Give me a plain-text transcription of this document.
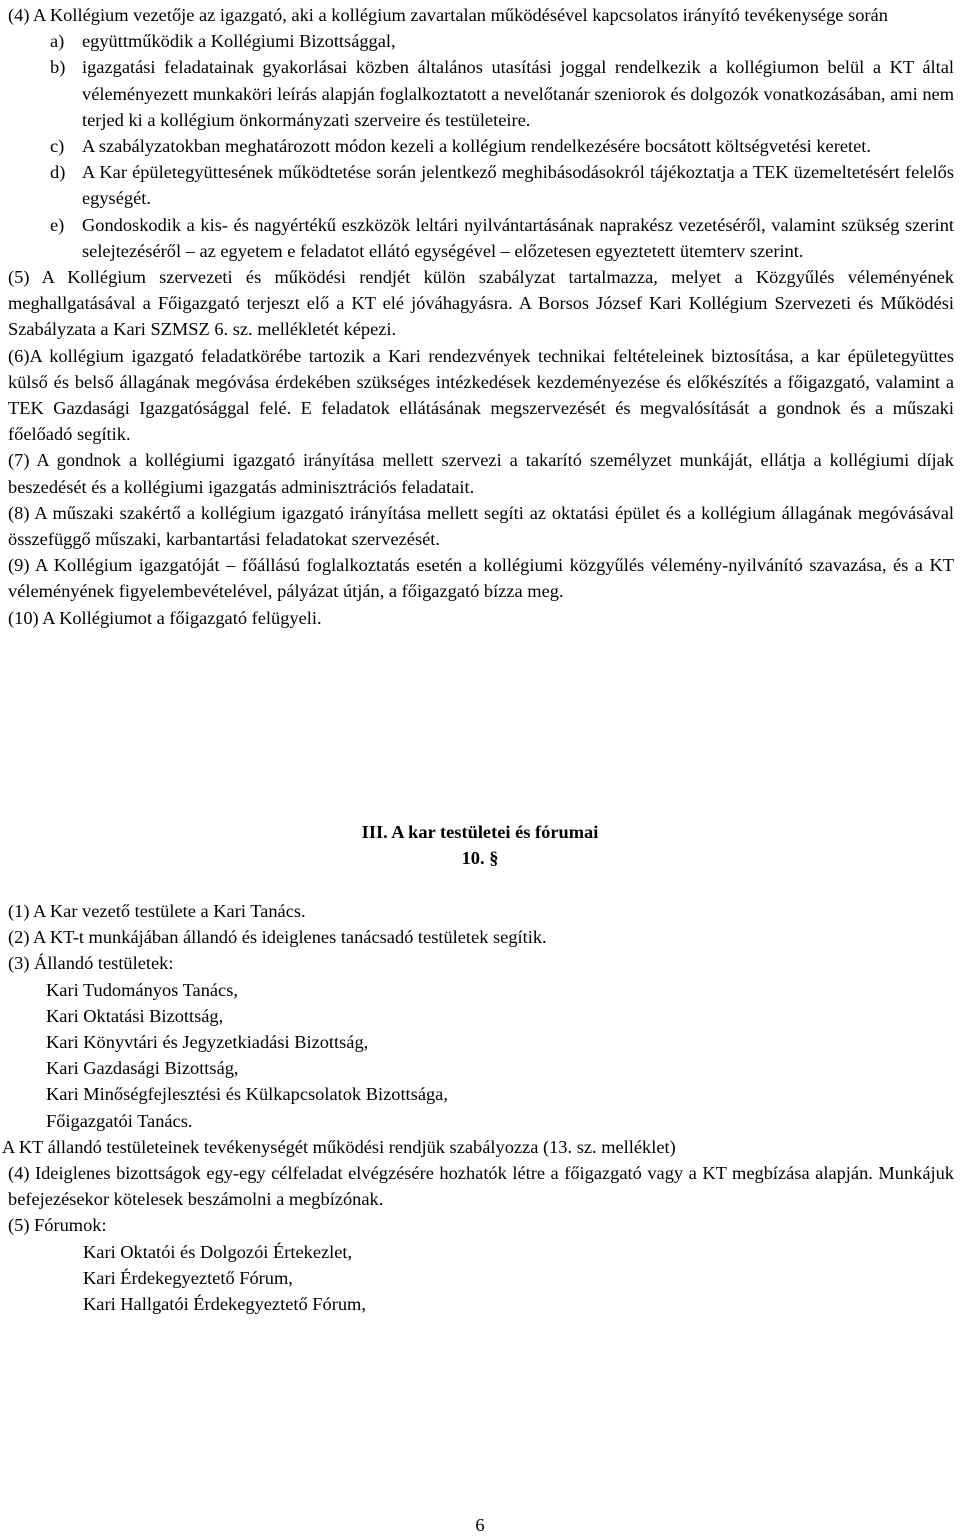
(4) A Kollégium vezetője az igazgató, aki a kollégium zavartalan működésével kapcsolatos irányító tevékenysége során

a) együttműködik a Kollégiumi Bizottsággal,
b) igazgatási feladatainak gyakorlásai közben általános utasítási joggal rendelkezik a kollégiumon belül a KT által véleményezett munkaköri leírás alapján foglalkoztatott a nevelőtanár szeniorok és dolgozók vonatkozásában, ami nem terjed ki a kollégium önkormányzati szerveire és testületeire.
c) A szabályzatokban meghatározott módon kezeli a kollégium rendelkezésére bocsátott költségvetési keretet.
d) A Kar épületegyüttesének működtetése során jelentkező meghibásodásokról tájékoztatja a TEK üzemeltetésért felelős egységét.
e) Gondoskodik a kis- és nagyértékű eszközök leltári nyilvántartásának naprakész vezetéséről, valamint szükség szerint selejtezéséről – az egyetem e feladatot ellátó egységével – előzetesen egyeztetett ütemterv szerint.

(5) A Kollégium szervezeti és működési rendjét külön szabályzat tartalmazza, melyet a Közgyűlés véleményének meghallgatásával a Főigazgató terjeszt elő a KT elé jóváhagyásra. A Borsos József Kari Kollégium Szervezeti és Működési Szabályzata a Kari SZMSZ 6. sz. mellékletét képezi.

(6)A kollégium igazgató feladatkörébe tartozik a Kari rendezvények technikai feltételeinek biztosítása, a kar épületegyüttes külső és belső állagának megóvása érdekében szükséges intézkedések kezdeményezése és előkészítés a főigazgató, valamint a TEK Gazdasági Igazgatósággal felé. E feladatok ellátásának megszervezését és megvalósítását a gondnok és a műszaki főelőadó segítik.

(7) A gondnok a kollégiumi igazgató irányítása mellett szervezi a takarító személyzet munkáját, ellátja a kollégiumi díjak beszedését és a kollégiumi igazgatás adminisztrációs feladatait.

(8) A műszaki szakértő a kollégium igazgató irányítása mellett segíti az oktatási épület és a kollégium állagának megóvásával összefüggő műszaki, karbantartási feladatokat szervezését.

(9) A Kollégium igazgatóját – főállású foglalkoztatás esetén a kollégiumi közgyűlés vélemény-nyilvánító szavazása, és a KT véleményének figyelembevételével, pályázat útján, a főigazgató bízza meg.

(10) A Kollégiumot a főigazgató felügyeli.

III. A kar testületei és fórumai
10. §

(1) A Kar vezető testülete a Kari Tanács.

(2) A KT-t munkájában állandó és ideiglenes tanácsadó testületek segítik.

(3) Állandó testületek:

Kari Tudományos Tanács,
Kari Oktatási Bizottság,
Kari Könyvtári és Jegyzetkiadási Bizottság,
Kari Gazdasági Bizottság,
Kari Minőségfejlesztési és Külkapcsolatok Bizottsága,
Főigazgatói Tanács.

A KT állandó testületeinek tevékenységét működési rendjük szabályozza (13. sz. melléklet)

(4) Ideiglenes bizottságok egy-egy célfeladat elvégzésére hozhatók létre a főigazgató vagy a KT megbízása alapján. Munkájuk befejezésekor kötelesek beszámolni a megbízónak.

(5) Fórumok:

Kari Oktatói és Dolgozói Értekezlet,
Kari Érdekegyeztető Fórum,
Kari Hallgatói Érdekegyeztető Fórum,
6
